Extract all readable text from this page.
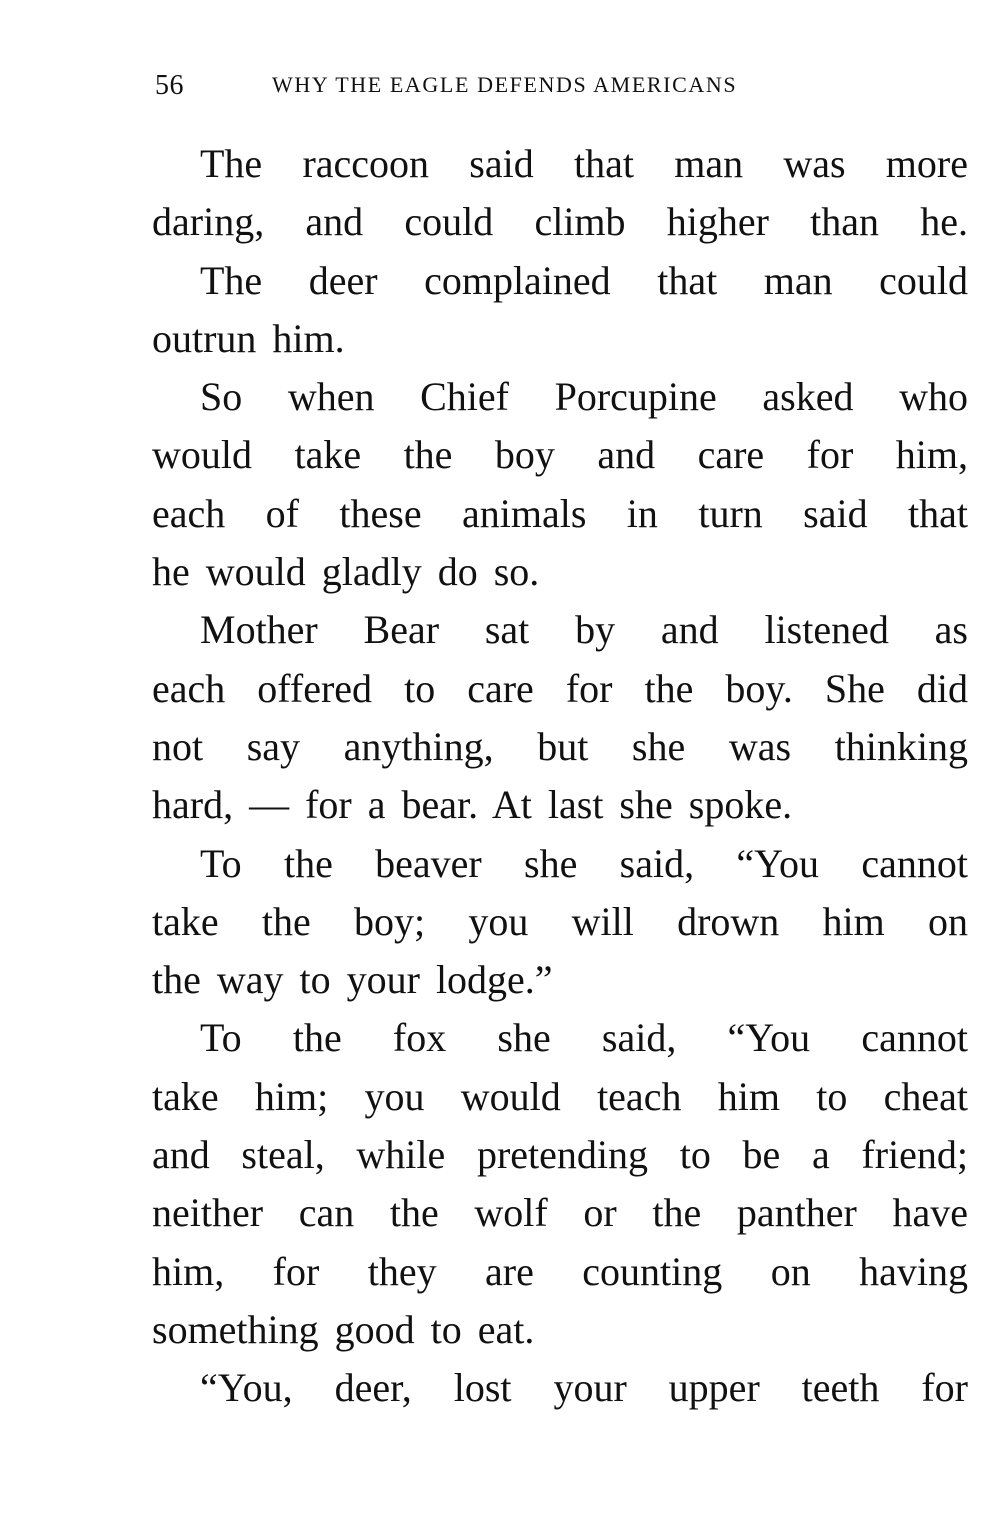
56	WHY THE EAGLE DEFENDS AMERICANS
The raccoon said that man was more
daring, and could climb higher than he.
The deer complained that man could
outrun him.
So when Chief Porcupine asked who
would take the boy and care for him,
each of these animals in turn said that
he would gladly do so.
Mother Bear sat by and listened as
each offered to care for the boy. She did
not say anything, but she was thinking
hard, — for a bear. At last she spoke.
To the beaver she said, “You cannot
take the boy; you will drown him on
the way to your lodge.”
To the fox she said, “You cannot
take him; you would teach him to cheat
and steal, while pretending to be a friend;
neither can the wolf or the panther have
him, for they are counting on having
something good to eat.
“You, deer, lost your upper teeth for
